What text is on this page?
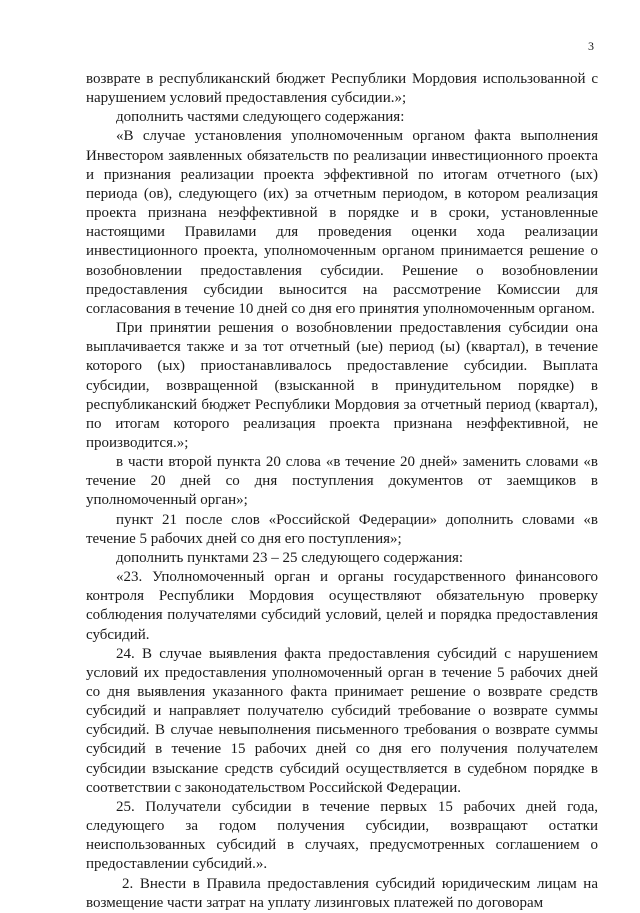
3

возврате в республиканский бюджет Республики Мордовия использованной с нарушением условий предоставления субсидии.»;

дополнить частями следующего содержания:

«В случае установления уполномоченным органом факта выполнения Инвестором заявленных обязательств по реализации инвестиционного проекта и признания реализации проекта эффективной по итогам отчетного (ых) периода (ов), следующего (их) за отчетным периодом, в котором реализация проекта признана неэффективной в порядке и в сроки, установленные настоящими Правилами для проведения оценки хода реализации инвестиционного проекта, уполномоченным органом принимается решение о возобновлении предоставления субсидии. Решение о возобновлении предоставления субсидии выносится на рассмотрение Комиссии для согласования в течение 10 дней со дня его принятия уполномоченным органом.

При принятии решения о возобновлении предоставления субсидии она выплачивается также и за тот отчетный (ые) период (ы) (квартал), в течение которого (ых) приостанавливалось предоставление субсидии. Выплата субсидии, возвращенной (взысканной в принудительном порядке) в республиканский бюджет Республики Мордовия за отчетный период (квартал), по итогам которого реализация проекта признана неэффективной, не производится.»;

в части второй пункта 20 слова «в течение 20 дней» заменить словами «в течение 20 дней со дня поступления документов от заемщиков в уполномоченный орган»;

пункт 21 после слов «Российской Федерации» дополнить словами «в течение 5 рабочих дней со дня его поступления»;

дополнить пунктами 23 – 25 следующего содержания:

«23. Уполномоченный орган и органы государственного финансового контроля Республики Мордовия осуществляют обязательную проверку соблюдения получателями субсидий условий, целей и порядка предоставления субсидий.

24. В случае выявления факта предоставления субсидий с нарушением условий их предоставления уполномоченный орган в течение 5 рабочих дней со дня выявления указанного факта принимает решение о возврате средств субсидий и направляет получателю субсидий требование о возврате суммы субсидий. В случае невыполнения письменного требования о возврате суммы субсидий в течение 15 рабочих дней со дня его получения получателем субсидии взыскание средств субсидий осуществляется в судебном порядке в соответствии с законодательством Российской Федерации.

25. Получатели субсидии в течение первых 15 рабочих дней года, следующего за годом получения субсидии, возвращают остатки неиспользованных субсидий в случаях, предусмотренных соглашением о предоставлении субсидий.».

2. Внести в Правила предоставления субсидий юридическим лицам на возмещение части затрат на уплату лизинговых платежей по договорам
